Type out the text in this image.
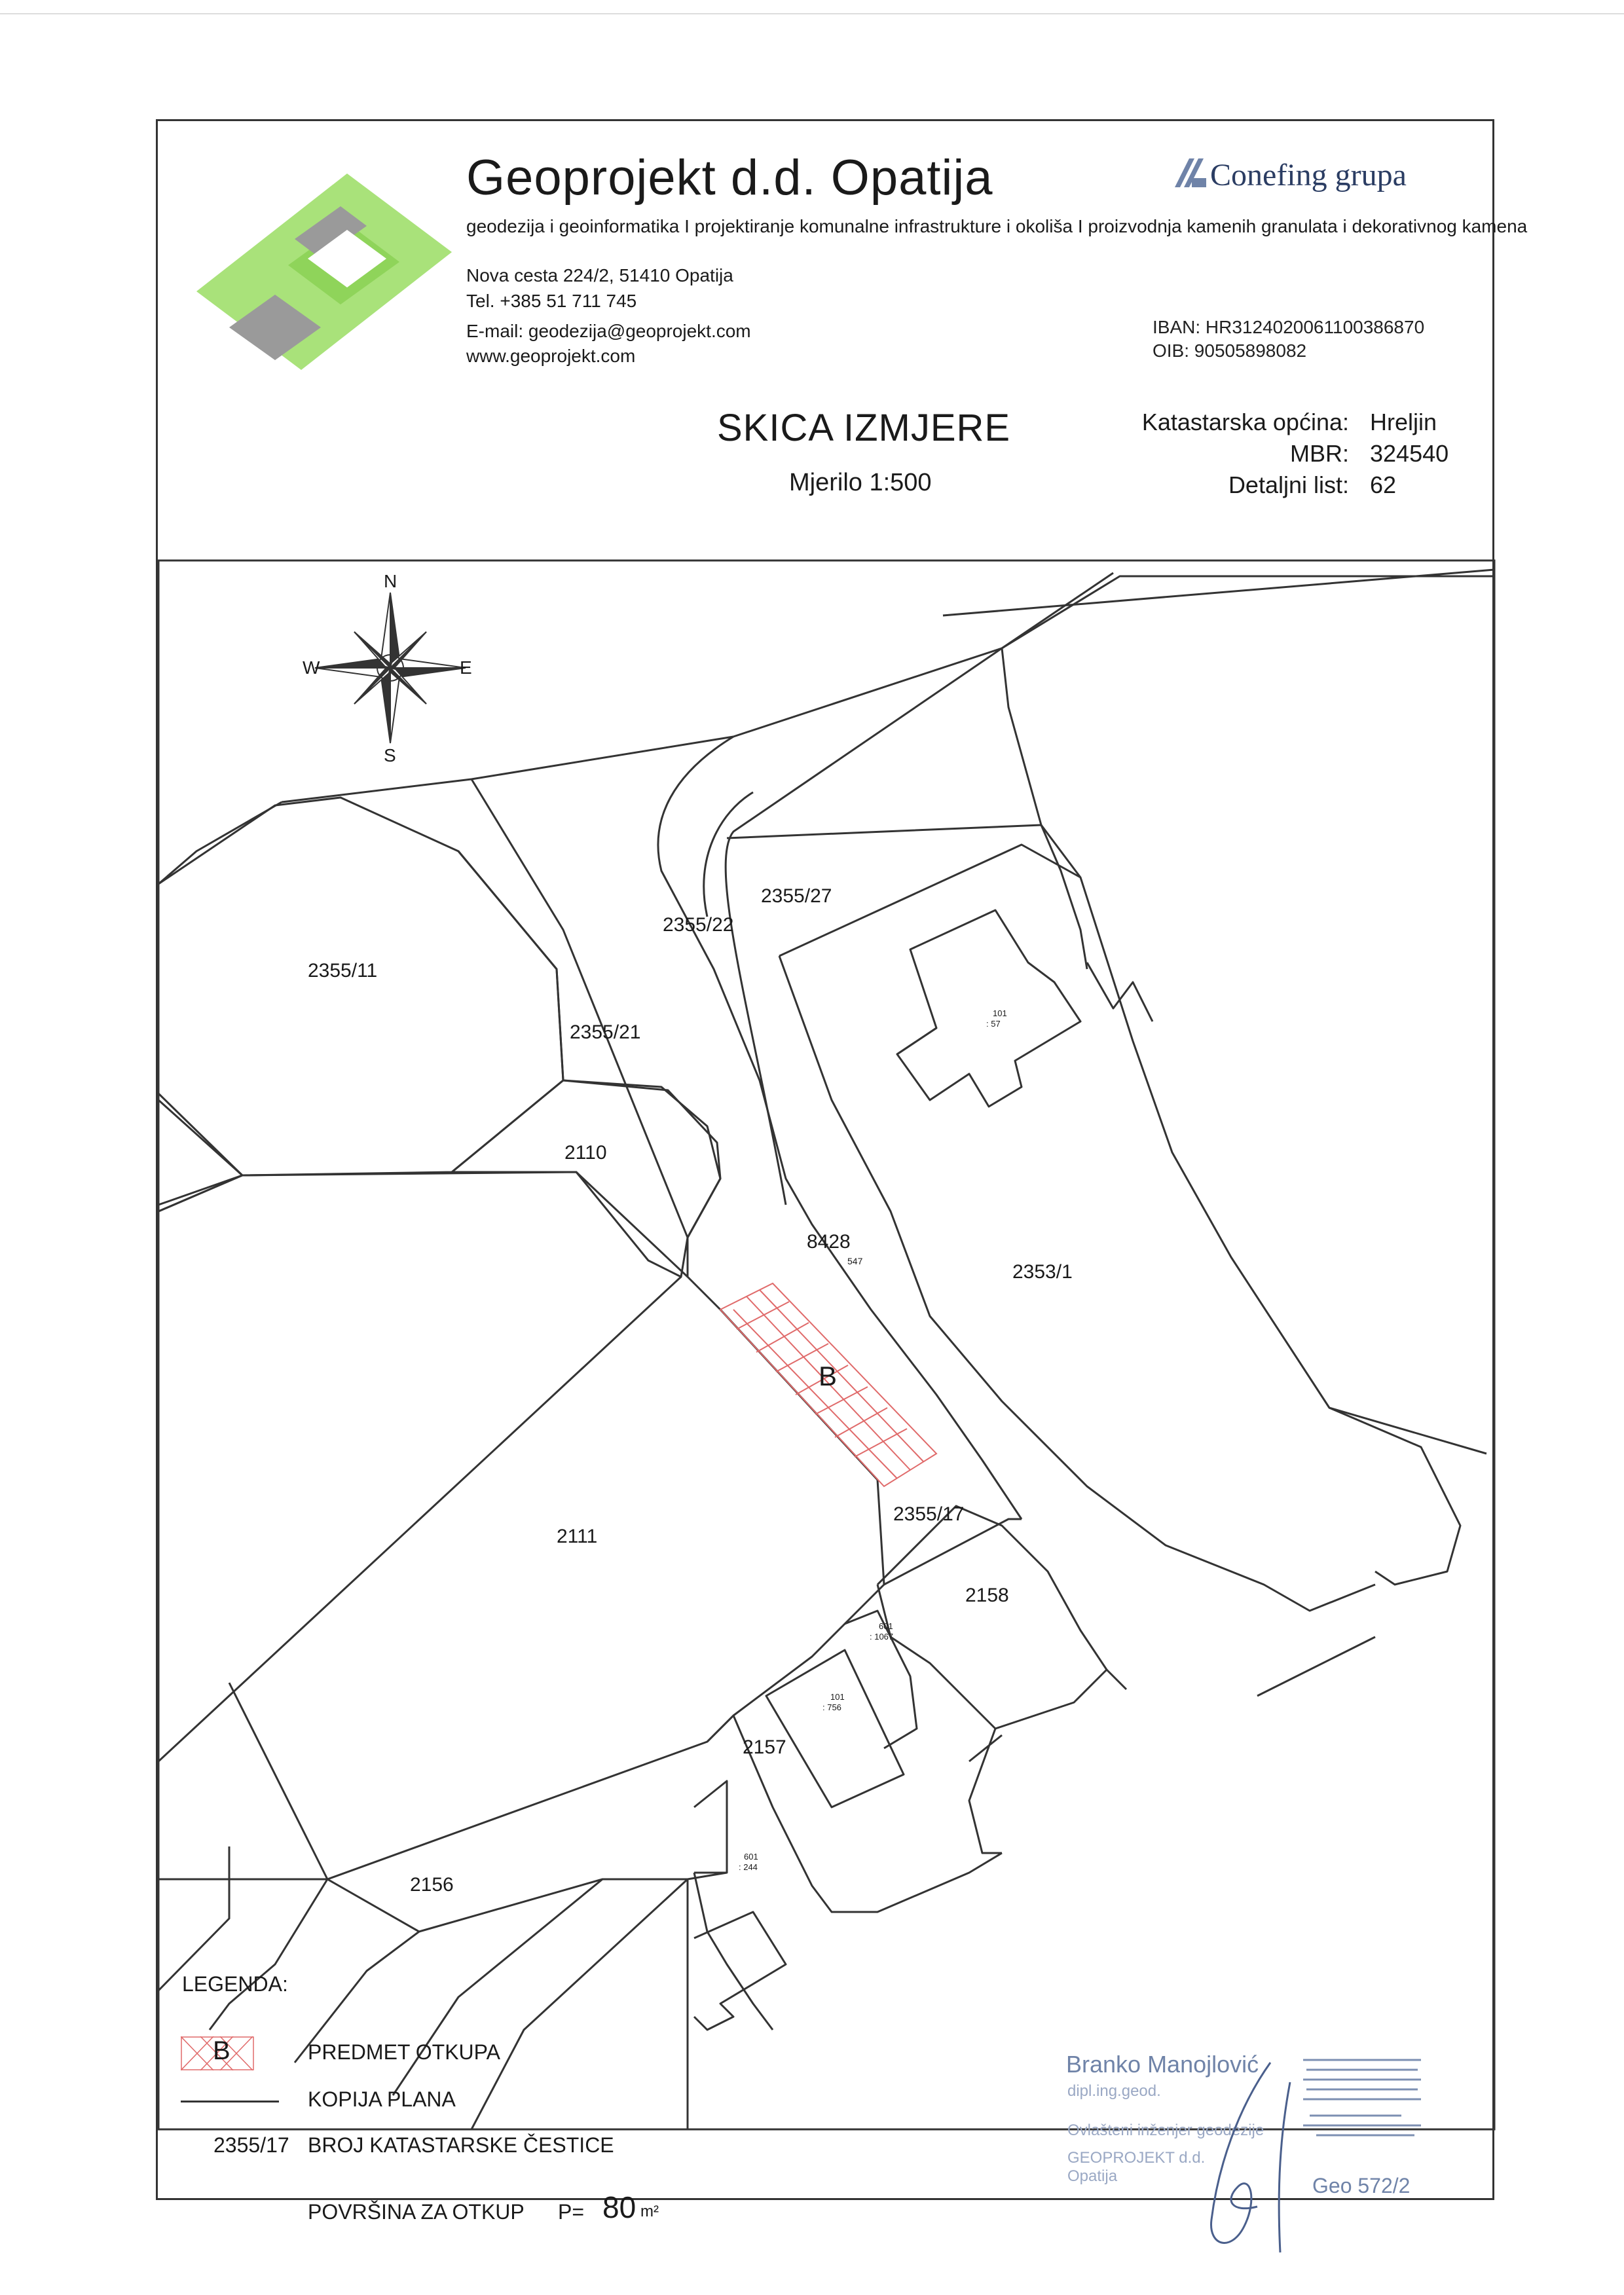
Geoprojekt d.d. Opatija
geodezija i geoinformatika I projektiranje komunalne infrastrukture i okoliša I proizvodnja kamenih granulata i dekorativnog kamena
Nova cesta 224/2, 51410 Opatija
Tel. +385 51 711 745
E-mail: geodezija@geoprojekt.com
www.geoprojekt.com
IBAN: HR3124020061100386870
OIB: 90505898082
Conefing grupa
SKICA IZMJERE
Mjerilo 1:500
Katastarska općina: Hreljin
MBR: 324540
Detaljni list: 62
N
S
E
W
2355/11
2355/21
2355/22
2355/27
2110
8428
547	2353/1
2111
2355/17
2158
2157
2156
B
101
: 57
601
: 1067
101
: 756
601
: 244
LEGENDA:
B	PREDMET OTKUPA
KOPIJA PLANA
2355/17 BROJ KATASTARSKE ČESTICE
POVRŠINA ZA OTKUP P= 80 m²
Branko Manojlović
dipl.ing.geod.
Ovlašteni inženjer geodezije
GEOPROJEKT d.d.
Opatija	Geo 572/2
